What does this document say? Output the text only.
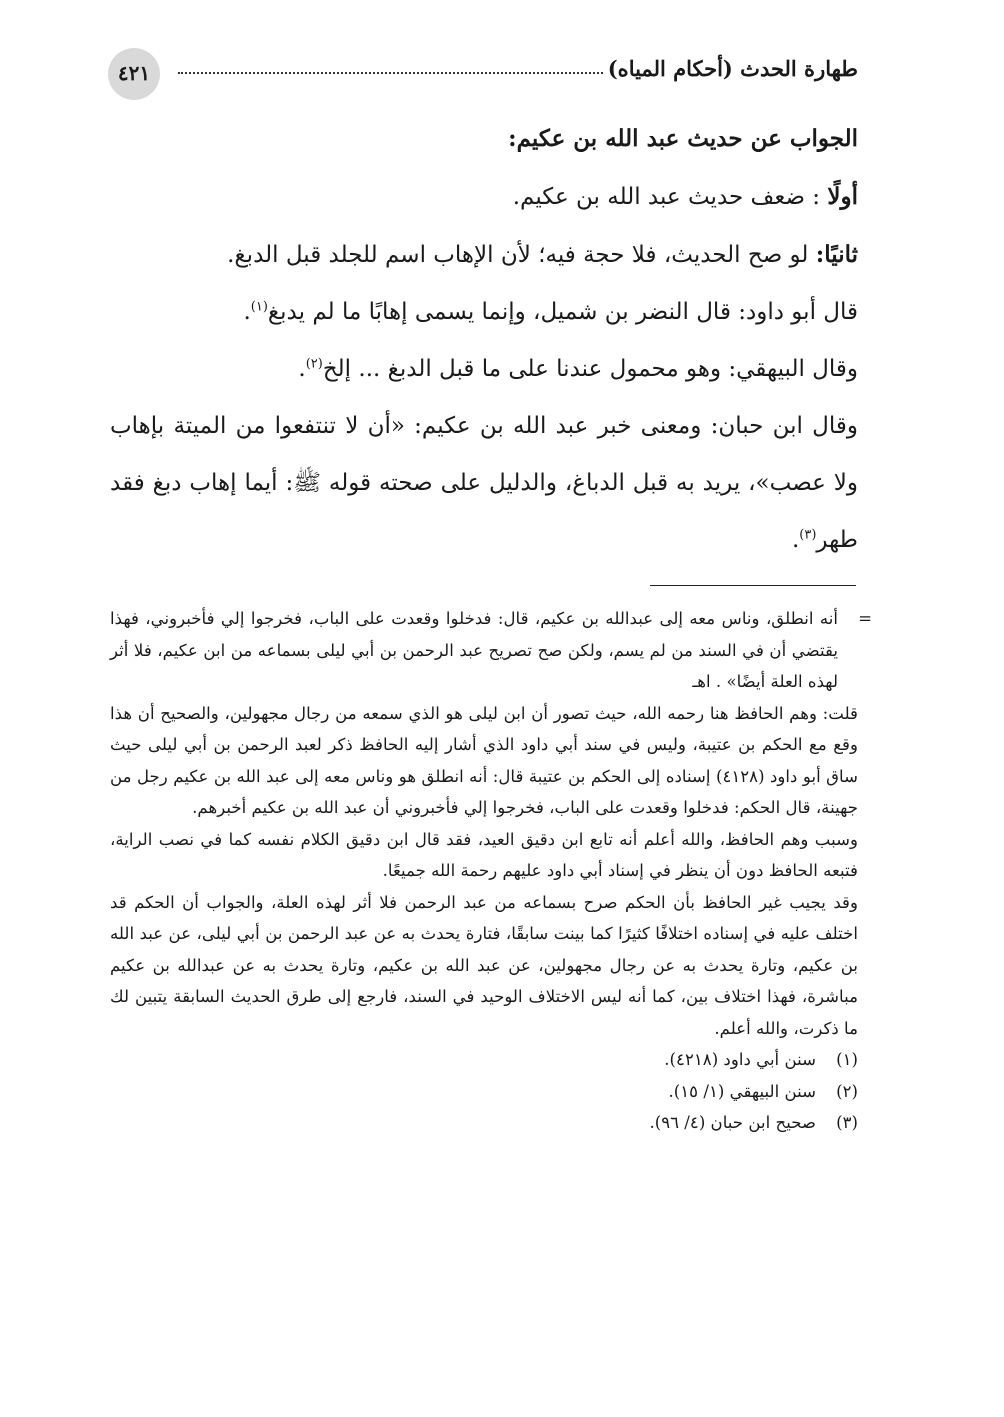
طهارة الحدث (أحكام المياه)
٤٢١

الجواب عن حديث عبد الله بن عكيم:

أولًا : ضعف حديث عبد الله بن عكيم.

ثانيًا: لو صح الحديث، فلا حجة فيه؛ لأن الإهاب اسم للجلد قبل الدبغ.

قال أبو داود: قال النضر بن شميل، وإنما يسمى إهابًا ما لم يدبغ$^{(١)}$.

وقال البيهقي: وهو محمول عندنا على ما قبل الدبغ ... إلخ$^{(٢)}$.

وقال ابن حبان: ومعنى خبر عبد الله بن عكيم: «أن لا تنتفعوا من الميتة بإهاب ولا عصب»، يريد به قبل الدباغ، والدليل على صحته قوله ﷺ: أيما إهاب دبغ فقد طهر$^{(٣)}$.

=
أنه انطلق، وناس معه إلى عبدالله بن عكيم، قال: فدخلوا وقعدت على الباب، فخرجوا إلي فأخبروني، فهذا يقتضي أن في السند من لم يسم، ولكن صح تصريح عبد الرحمن بن أبي ليلى بسماعه من ابن عكيم، فلا أثر لهذه العلة أيضًا» . اهـ

قلت: وهم الحافظ هنا رحمه الله، حيث تصور أن ابن ليلى هو الذي سمعه من رجال مجهولين، والصحيح أن هذا وقع مع الحكم بن عتيبة، وليس في سند أبي داود الذي أشار إليه الحافظ ذكر لعبد الرحمن بن أبي ليلى حيث ساق أبو داود (٤١٢٨) إسناده إلى الحكم بن عتيبة قال: أنه انطلق هو وناس معه إلى عبد الله بن عكيم رجل من جهينة، قال الحكم: فدخلوا وقعدت على الباب، فخرجوا إلي فأخبروني أن عبد الله بن عكيم أخبرهم.

وسبب وهم الحافظ، والله أعلم أنه تابع ابن دقيق العيد، فقد قال ابن دقيق الكلام نفسه كما في نصب الراية، فتبعه الحافظ دون أن ينظر في إسناد أبي داود عليهم رحمة الله جميعًا.

وقد يجيب غير الحافظ بأن الحكم صرح بسماعه من عبد الرحمن فلا أثر لهذه العلة، والجواب أن الحكم قد اختلف عليه في إسناده اختلافًا كثيرًا كما بينت سابقًا، فتارة يحدث به عن عبد الرحمن بن أبي ليلى، عن عبد الله بن عكيم، وتارة يحدث به عن رجال مجهولين، عن عبد الله بن عكيم، وتارة يحدث به عن عبدالله بن عكيم مباشرة، فهذا اختلاف بين، كما أنه ليس الاختلاف الوحيد في السند، فارجع إلى طرق الحديث السابقة يتبين لك ما ذكرت، والله أعلم.

(١)
سنن أبي داود (٤٢١٨).
(٢)
سنن البيهقي (١/ ١٥).
(٣)
صحيح ابن حبان (٤/ ٩٦).
